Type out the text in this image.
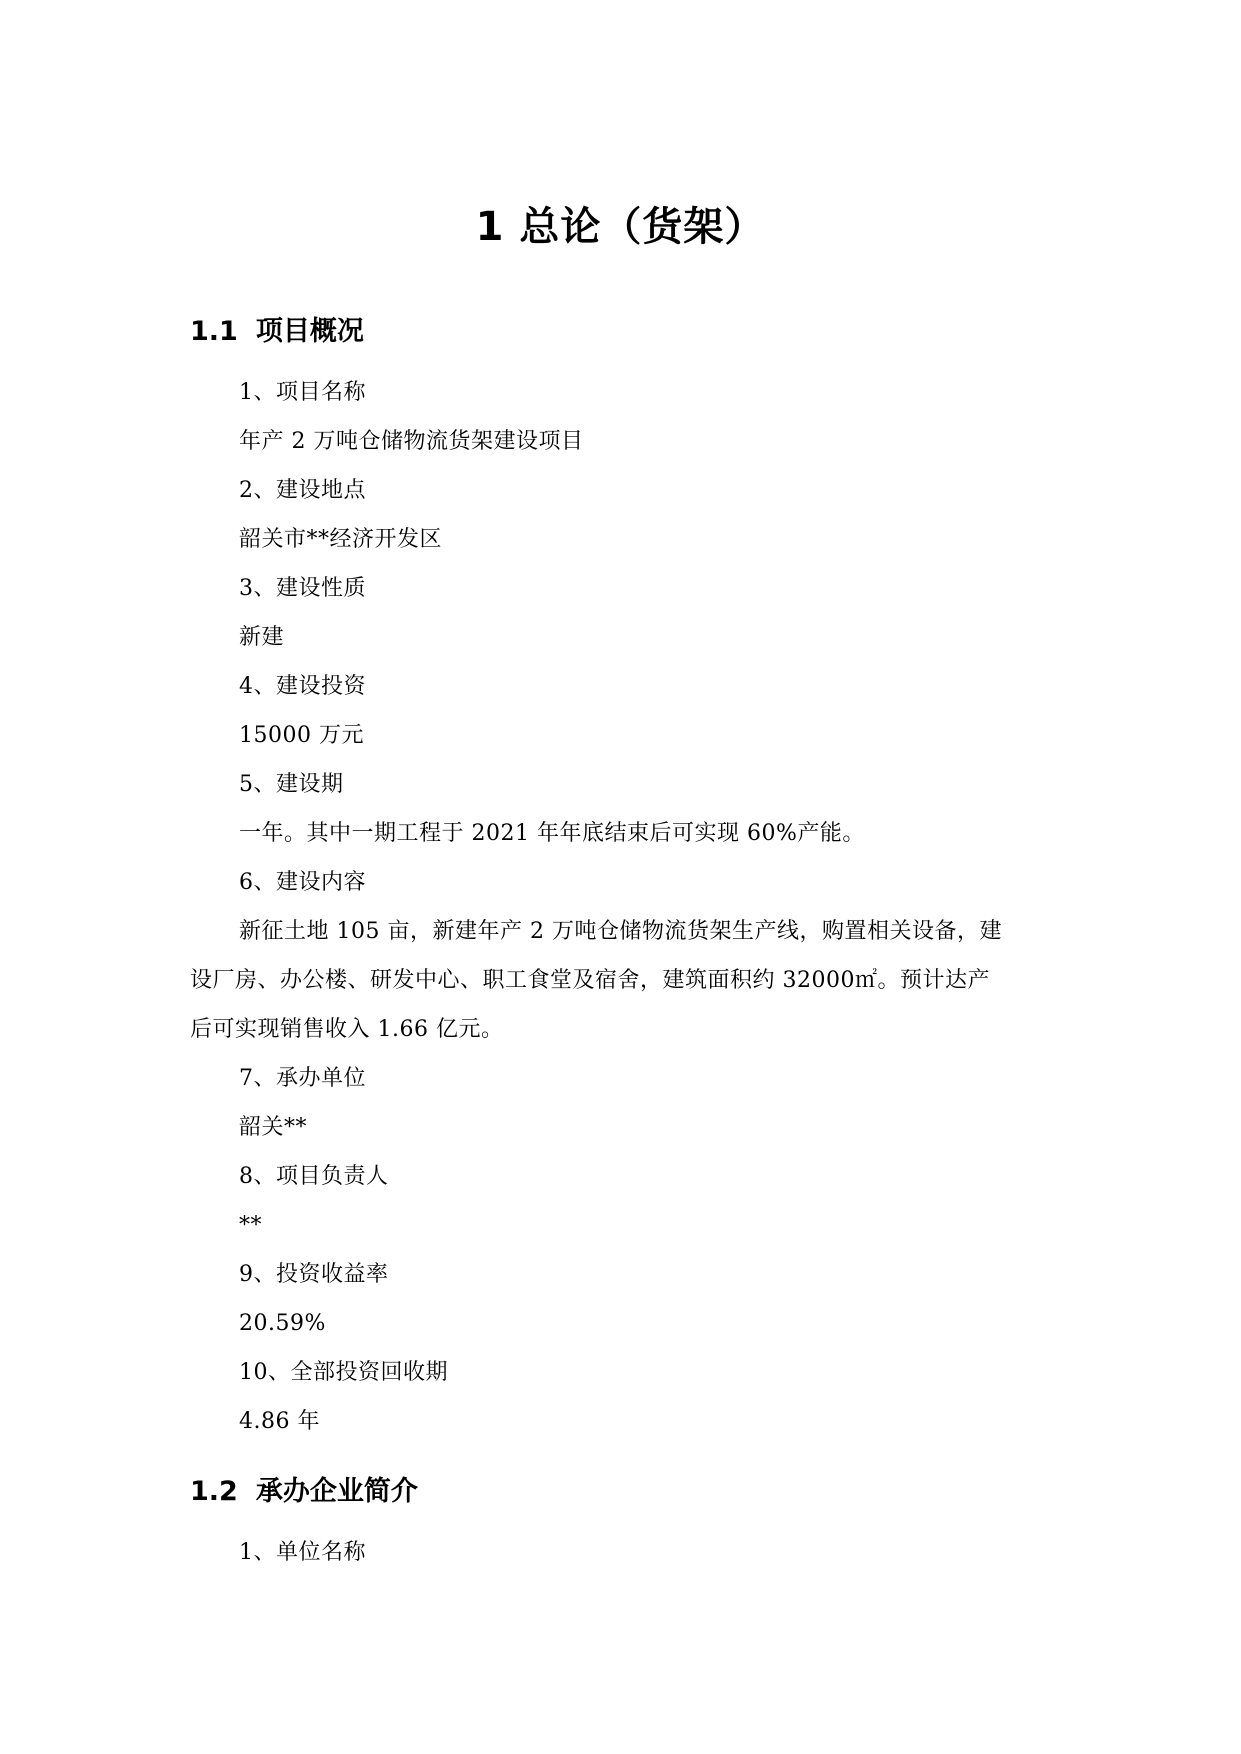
1 总论（货架）
1.1 项目概况

1、项目名称

年产 2 万吨仓储物流货架建设项目

2、建设地点

韶关市**经济开发区

3、建设性质

新建

4、建设投资

15000 万元

5、建设期

一年。其中一期工程于 2021 年年底结束后可实现 60%产能。

6、建设内容

新征土地 105 亩，新建年产 2 万吨仓储物流货架生产线，购置相关设备，建

设厂房、办公楼、研发中心、职工食堂及宿舍，建筑面积约 32000㎡。预计达产

后可实现销售收入 1.66 亿元。

7、承办单位

韶关**

8、项目负责人

**

9、投资收益率

20.59%

10、全部投资回收期

4.86 年

1.2 承办企业简介

1、单位名称
